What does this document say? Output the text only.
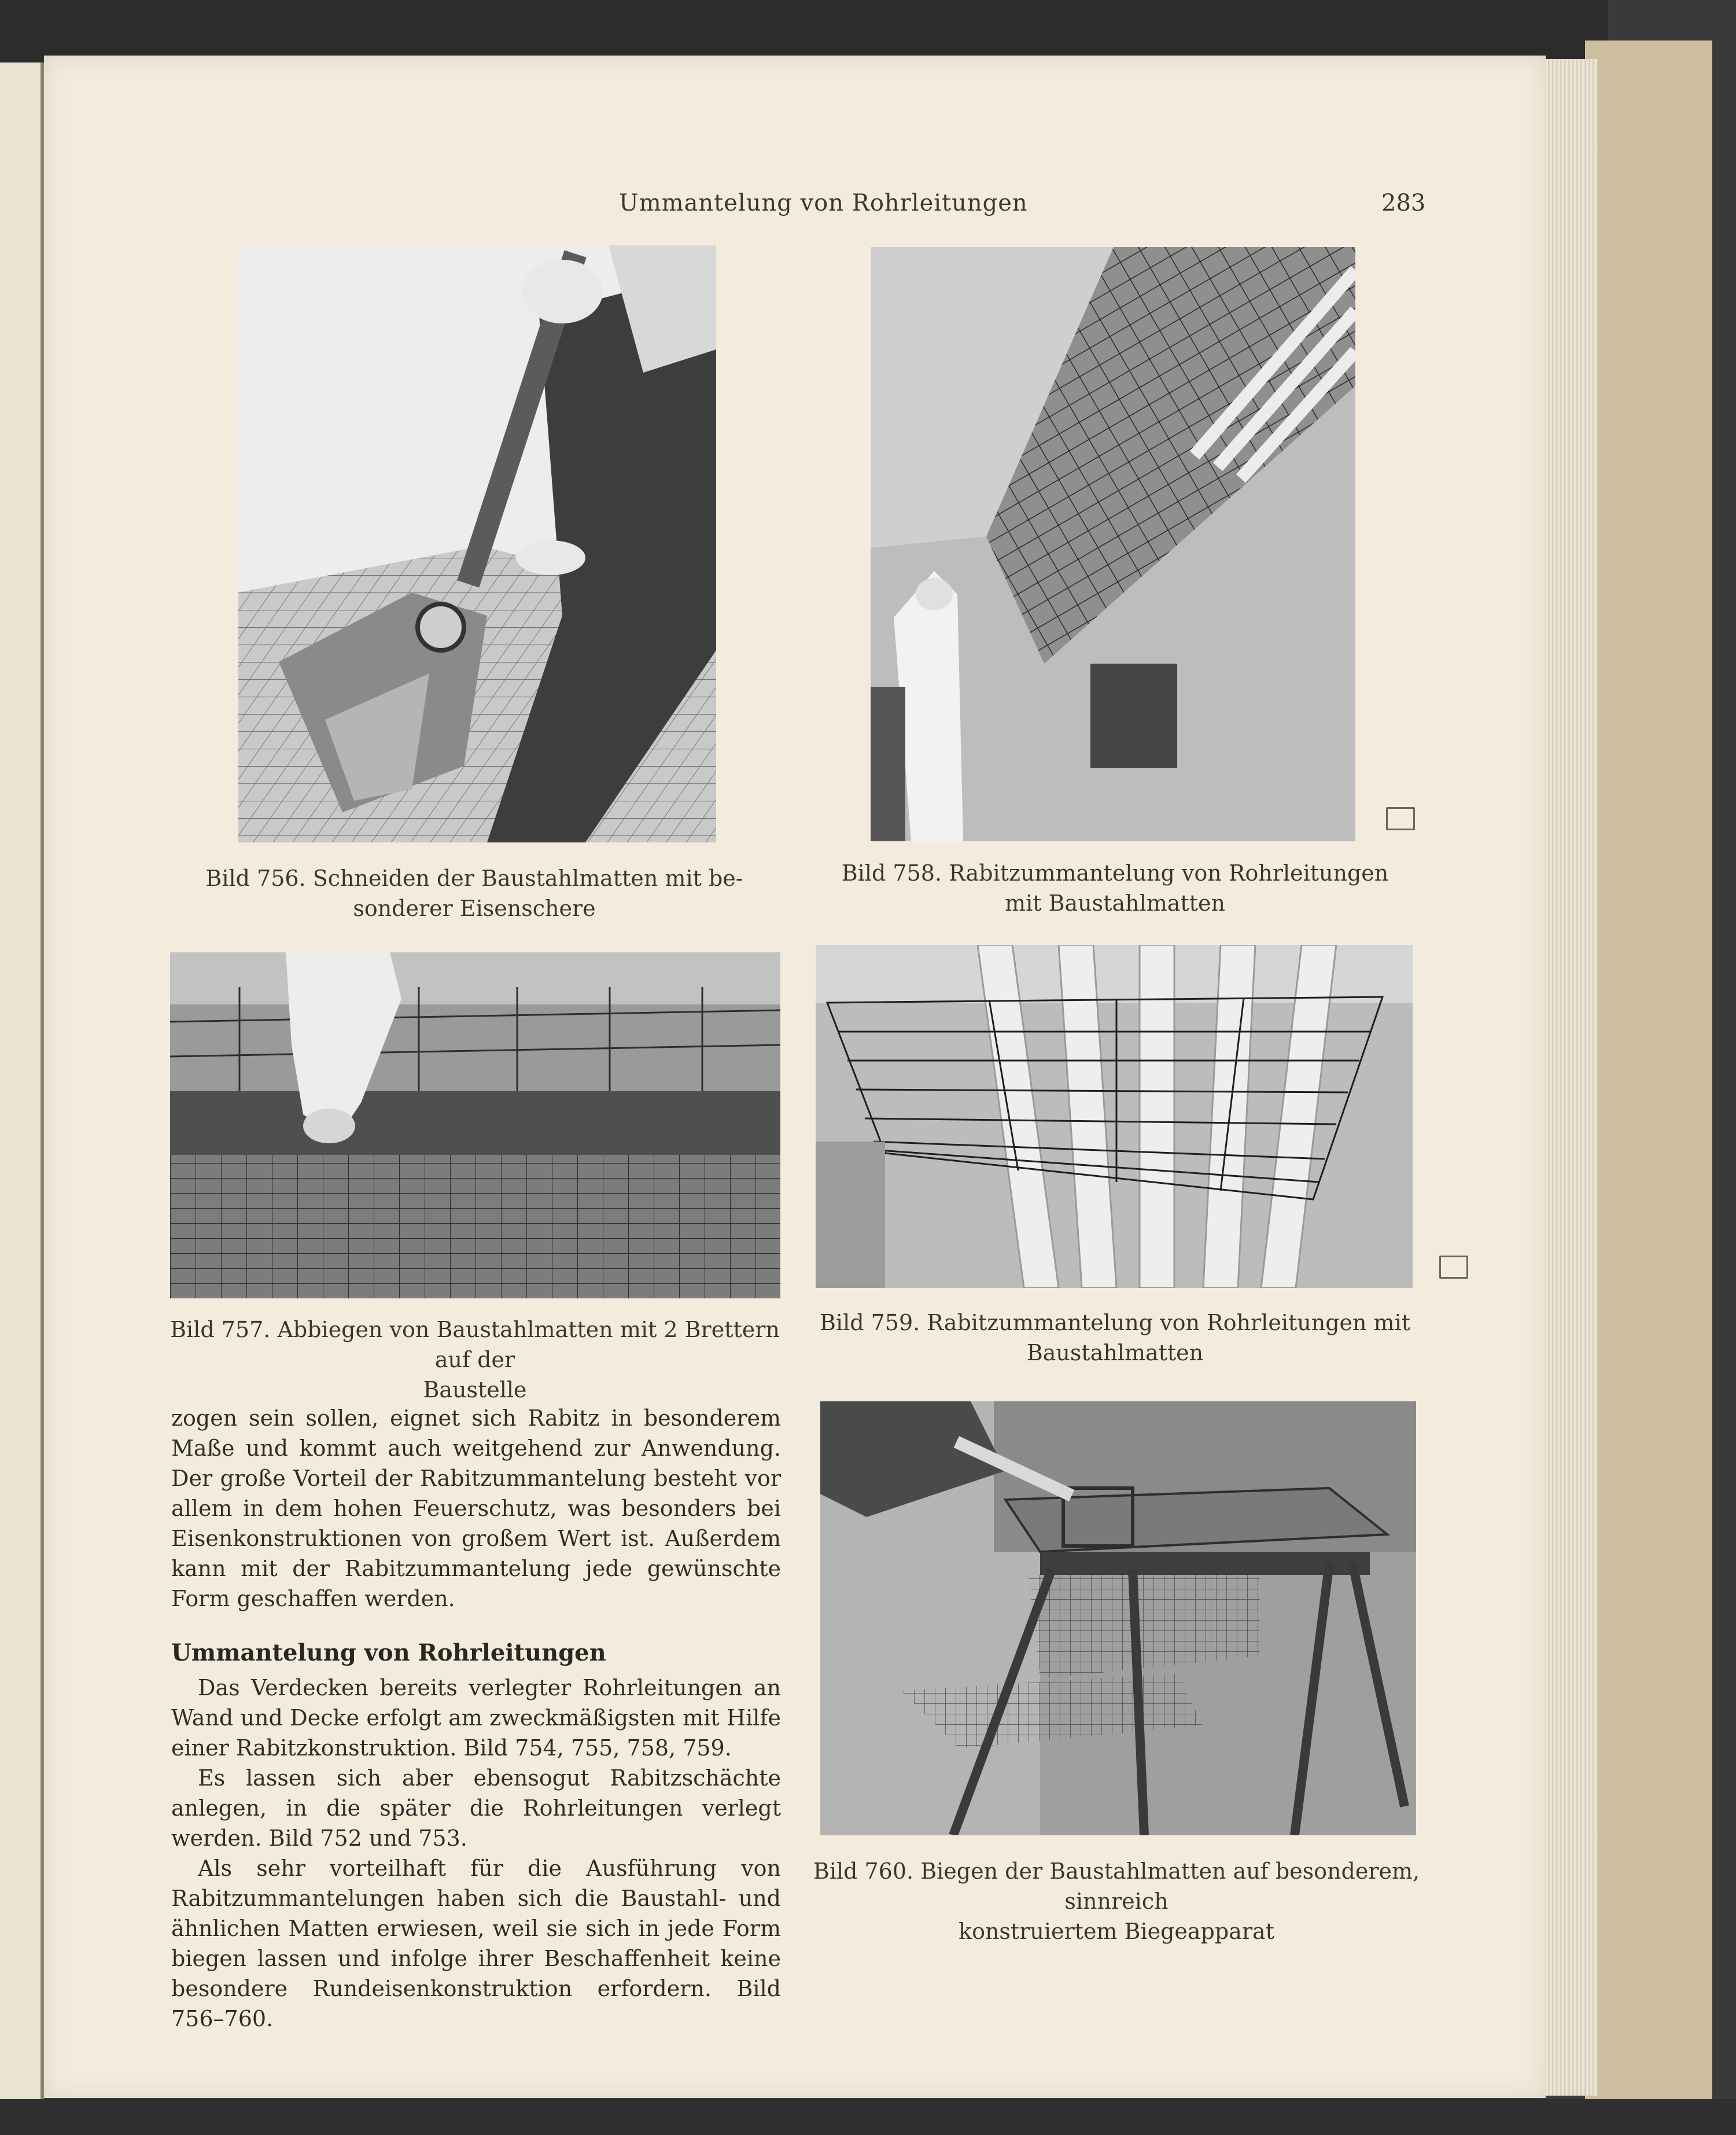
Ummantelung von Rohrleitungen	283
Bild 756. Schneiden der Baustahlmatten mit be-
sonderer Eisenschere
Bild 758. Rabitzummantelung von Rohrleitungen
mit Baustahlmatten
Bild 757. Abbiegen von Baustahlmatten mit 2 Brettern auf der
Baustelle
Bild 759. Rabitzummantelung von Rohrleitungen mit
Baustahlmatten
Bild 760. Biegen der Baustahlmatten auf besonderem, sinnreich
konstruiertem Biegeapparat

zogen sein sollen, eignet sich Rabitz in besonderem Maße und kommt auch weitgehend zur Anwendung. Der große Vorteil der Rabitzummantelung besteht vor allem in dem hohen Feuerschutz, was besonders bei Eisenkonstruktionen von großem Wert ist. Außerdem kann mit der Rabitzummantelung jede gewünschte Form geschaffen werden.

Ummantelung von Rohrleitungen

Das Verdecken bereits verlegter Rohrleitungen an Wand und Decke erfolgt am zweckmäßigsten mit Hilfe einer Rabitzkonstruktion. Bild 754, 755, 758, 759.

Es lassen sich aber ebensogut Rabitzschächte anlegen, in die später die Rohrleitungen verlegt werden. Bild 752 und 753.

Als sehr vorteilhaft für die Ausführung von Rabitzummantelungen haben sich die Baustahl- und ähnlichen Matten erwiesen, weil sie sich in jede Form biegen lassen und infolge ihrer Beschaffenheit keine besondere Rundeisenkonstruktion erfordern. Bild 756–760.
